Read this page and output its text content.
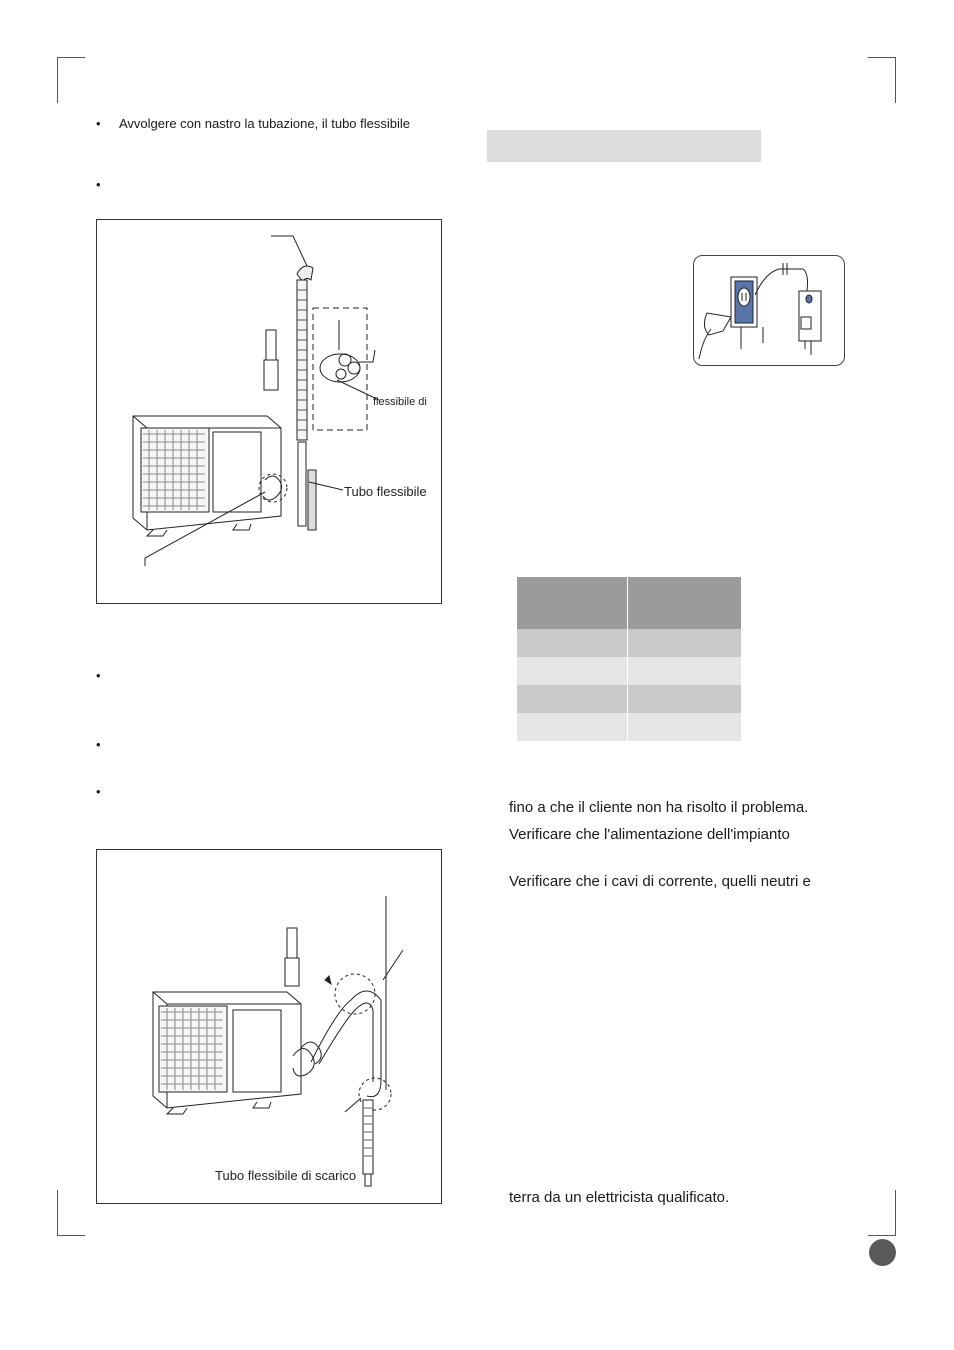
• Avvolgere con nastro la tubazione, il tubo flessibile
•
flessibile di
Tubo flessibile
•
•
•
Tubo flessibile di scarico

fino a che il cliente non ha risolto il problema.
Verificare che l'alimentazione dell'impianto
Verificare che i cavi di corrente, quelli neutri e
terra da un elettricista qualificato.
